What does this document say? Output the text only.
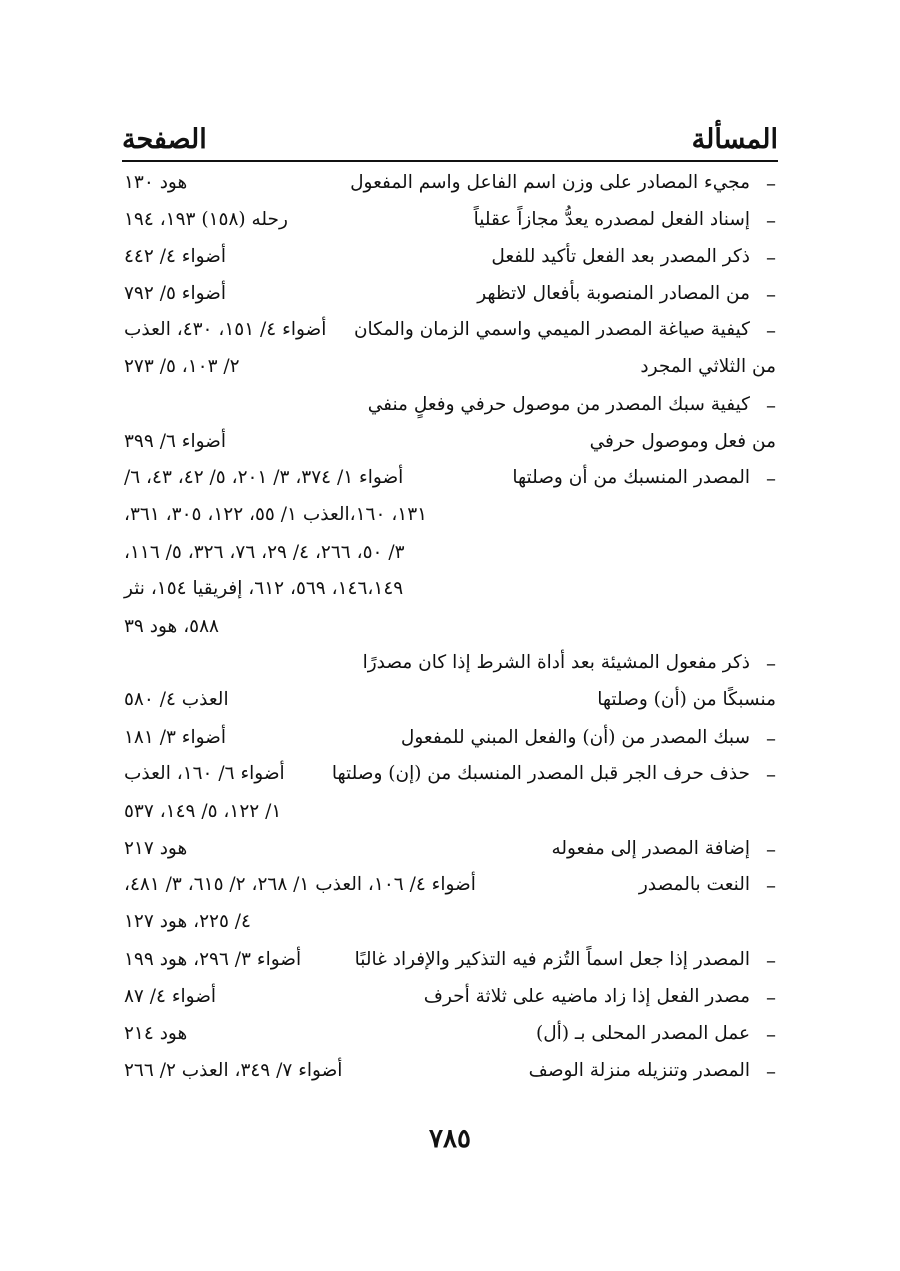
المسألة
الصفحة
–
مجيء المصادر على وزن اسم الفاعل واسم المفعول
هود ١٣٠
–
إسناد الفعل لمصدره يعدُّ مجازاً عقلياً
رحله (١٥٨) ١٩٣، ١٩٤
–
ذكر المصدر بعد الفعل تأكيد للفعل
أضواء ٤/ ٤٤٢
–
من المصادر المنصوبة بأفعال لاتظهر
أضواء ٥/ ٧٩٢
–
كيفية صياغة المصدر الميمي واسمي الزمان والمكان
أضواء ٤/ ١٥١، ٤٣٠، العذب
من الثلاثي المجرد
٢/ ١٠٣، ٥/ ٢٧٣
–
كيفية سبك المصدر من موصول حرفي وفعلٍ منفي
من فعل وموصول حرفي
أضواء ٦/ ٣٩٩
–
المصدر المنسبك من أن وصلتها
أضواء ١/ ٣٧٤، ٣/ ٢٠١، ٥/ ٤٢، ٤٣، ٦/
١٣١، ١٦٠،العذب ١/ ٥٥، ١٢٢، ٣٠٥، ٣٦١،
٣/ ٥٠، ٢٦٦، ٤/ ٢٩، ٧٦، ٣٢٦، ٥/ ١١٦،
١٤٦،١٤٩، ٥٦٩، ٦١٢، إفريقيا ١٥٤، نثر
٥٨٨، هود ٣٩
–
ذكر مفعول المشيئة بعد أداة الشرط إذا كان مصدرًا
منسبكًا من (أن) وصلتها
العذب ٤/ ٥٨٠
–
سبك المصدر من (أن) والفعل المبني للمفعول
أضواء ٣/ ١٨١
–
حذف حرف الجر قبل المصدر المنسبك من (إن) وصلتها
أضواء ٦/ ١٦٠، العذب
١/ ١٢٢، ٥/ ١٤٩، ٥٣٧
–
إضافة المصدر إلى مفعوله
هود ٢١٧
–
النعت بالمصدر
أضواء ٤/ ١٠٦، العذب ١/ ٢٦٨، ٢/ ٦١٥، ٣/ ٤٨١،
٤/ ٢٢٥، هود ١٢٧
–
المصدر إذا جعل اسماً التُزم فيه التذكير والإفراد غالبًا
أضواء ٣/ ٢٩٦، هود ١٩٩
–
مصدر الفعل إذا زاد ماضيه على ثلاثة أحرف
أضواء ٤/ ٨٧
–
عمل المصدر المحلى بـ (أل)
هود ٢١٤
–
المصدر وتنزيله منزلة الوصف
أضواء ٧/ ٣٤٩، العذب ٢/ ٢٦٦
٧٨٥
